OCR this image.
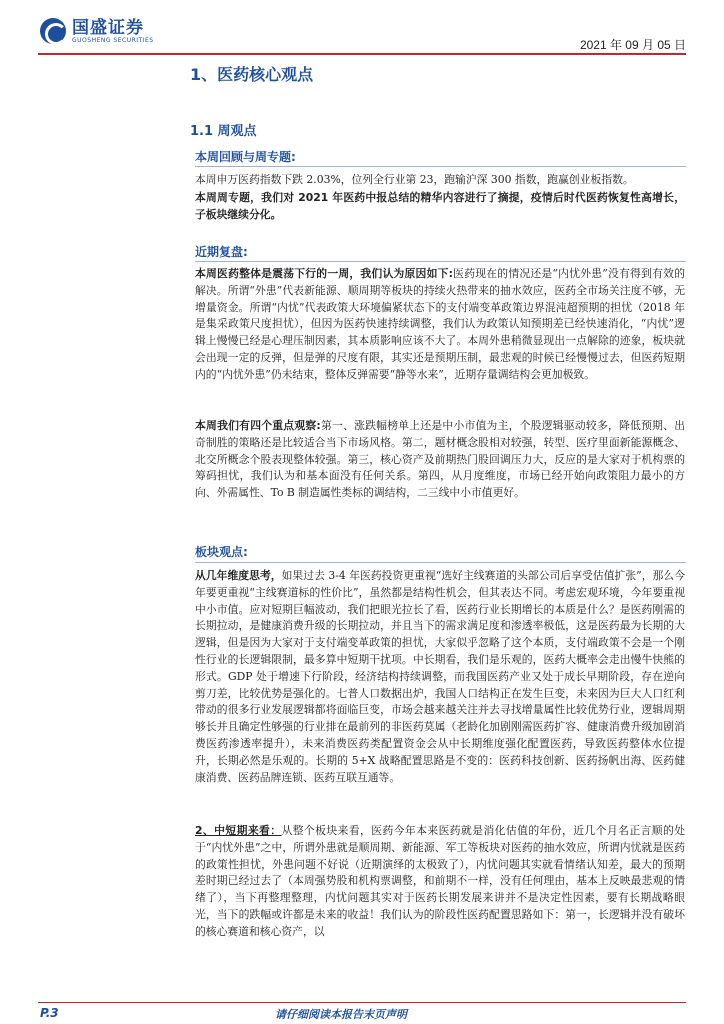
国盛证券
GUOSHENG SECURITIES	2021 年 09 月 05 日
1、医药核心观点
1.1 周观点
本周回顾与周专题:
本周申万医药指数下跌 2.03%，位列全行业第 23，跑输沪深 300 指数，跑赢创业板指数。
本周周专题，我们对 2021 年医药中报总结的精华内容进行了摘提，疫情后时代医药恢复性高增长，子板块继续分化。
近期复盘:
本周医药整体是震荡下行的一周，我们认为原因如下:医药现在的情况还是“内忧外患”没有得到有效的解决。所谓“外患”代表新能源、顺周期等板块的持续火热带来的抽水效应，医药全市场关注度不够，无增量资金。所谓“内忧”代表政策大环境偏紧状态下的支付端变革政策边界混沌超预期的担忧（2018 年是集采政策尺度担忧），但因为医药快速持续调整，我们认为政策认知预期差已经快速消化，“内忧”逻辑上慢慢已经是心理压制因素，其本质影响应该不大了。本周外患稍微显现出一点解除的迹象，板块就会出现一定的反弹，但是弹的尺度有限，其实还是预期压制，最悲观的时候已经慢慢过去，但医药短期内的“内忧外患”仍未结束，整体反弹需要“静等水来”，近期存量调结构会更加极致。
本周我们有四个重点观察:第一、涨跌幅榜单上还是中小市值为主，个股逻辑驱动较多，降低预期、出奇制胜的策略还是比较适合当下市场风格。第二，题材概念股相对较强，转型、医疗里面新能源概念、北交所概念个股表现整体较强。第三，核心资产及前期热门股回调压力大，反应的是大家对于机构票的筹码担忧，我们认为和基本面没有任何关系。第四，从月度维度，市场已经开始向政策阻力最小的方向、外需属性、To B 制造属性类标的调结构，二三线中小市值更好。
板块观点:
从几年维度思考，如果过去 3-4 年医药投资更重视“选好主线赛道的头部公司后享受估值扩张”，那么今年要更重视“主线赛道标的性价比”，虽然都是结构性机会，但其表达不同。考虑宏观环境，今年要重视中小市值。应对短期巨幅波动，我们把眼光拉长了看，医药行业长期增长的本质是什么？是医药刚需的长期拉动，是健康消费升级的长期拉动，并且当下的需求满足度和渗透率极低，这是医药最为长期的大逻辑，但是因为大家对于支付端变革政策的担忧，大家似乎忽略了这个本质，支付端政策不会是一个刚性行业的长逻辑限制，最多算中短期干扰项。中长期看，我们是乐观的，医药大概率会走出慢牛快熊的形式。GDP 处于增速下行阶段，经济结构持续调整，而我国医药产业又处于成长早期阶段，存在逆向剪刀差，比较优势是强化的。七普人口数据出炉，我国人口结构正在发生巨变，未来因为巨大人口红利带动的很多行业发展逻辑都将面临巨变，市场会越来越关注并去寻找增量属性比较优势行业，逻辑周期够长并且确定性够强的行业排在最前列的非医药莫属（老龄化加剧刚需医药扩容、健康消费升级加剧消费医药渗透率提升），未来消费医药类配置资金会从中长期维度强化配置医药，导致医药整体水位提升，长期必然是乐观的。长期的 5+X 战略配置思路是不变的：医药科技创新、医药扬帆出海、医药健康消费、医药品牌连锁、医药互联互通等。
2、中短期来看：从整个板块来看，医药今年本来医药就是消化估值的年份，近几个月名正言顺的处于“内忧外患”之中，所谓外患就是顺周期、新能源、军工等板块对医药的抽水效应，所谓内忧就是医药的政策性担忧，外患问题不好说（近期演绎的太极致了），内忧问题其实就看情绪认知差，最大的预期差时期已经过去了（本周强势股和机构票调整，和前期不一样，没有任何理由，基本上反映最悲观的情绪了），当下再整理整理，内忧问题其实对于医药长期发展来讲并不是决定性因素，要有长期战略眼光，当下的跌幅或许都是未来的收益！我们认为的阶段性医药配置思路如下：第一，长逻辑并没有破坏的核心赛道和核心资产，以
P.3	请仔细阅读本报告末页声明
